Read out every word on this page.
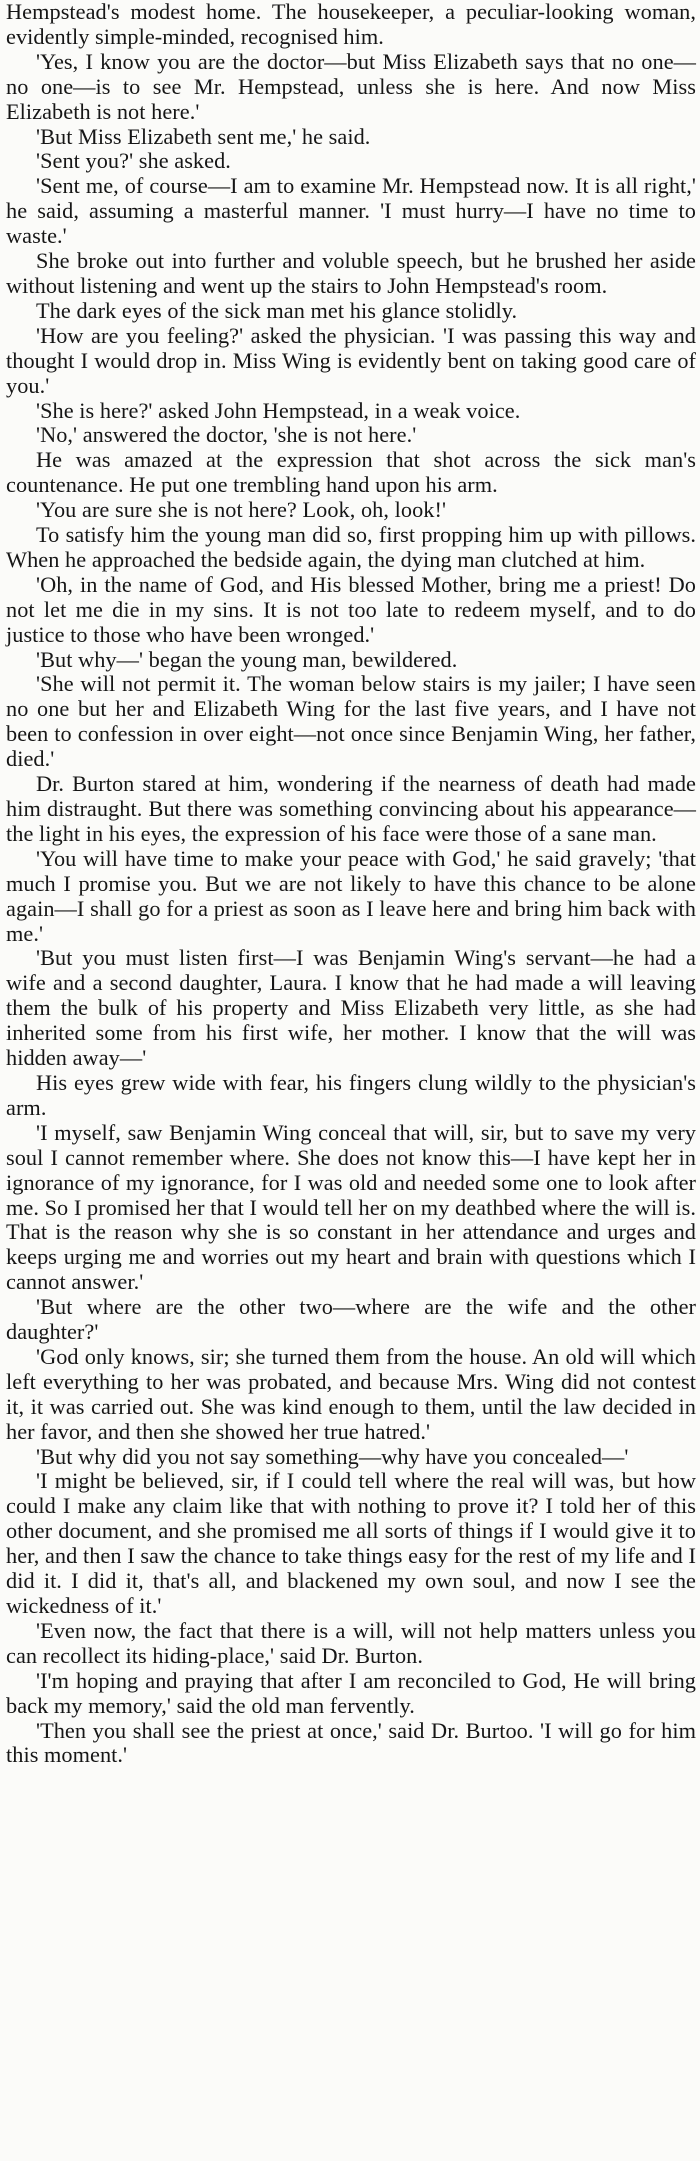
Hempstead's modest home. The housekeeper, a peculiar-looking woman, evidently simple-minded, recognised him.

'Yes, I know you are the doctor—but Miss Elizabeth says that no one—no one—is to see Mr. Hempstead, unless she is here. And now Miss Elizabeth is not here.'

'But Miss Elizabeth sent me,' he said.

'Sent you?' she asked.

'Sent me, of course—I am to examine Mr. Hempstead now. It is all right,' he said, assuming a masterful manner. 'I must hurry—I have no time to waste.'

She broke out into further and voluble speech, but he brushed her aside without listening and went up the stairs to John Hempstead's room.

The dark eyes of the sick man met his glance stolidly.

'How are you feeling?' asked the physician. 'I was passing this way and thought I would drop in. Miss Wing is evidently bent on taking good care of you.'

'She is here?' asked John Hempstead, in a weak voice.

'No,' answered the doctor, 'she is not here.'

He was amazed at the expression that shot across the sick man's countenance. He put one trembling hand upon his arm.

'You are sure she is not here? Look, oh, look!'

To satisfy him the young man did so, first propping him up with pillows. When he approached the bedside again, the dying man clutched at him.

'Oh, in the name of God, and His blessed Mother, bring me a priest! Do not let me die in my sins. It is not too late to redeem myself, and to do justice to those who have been wronged.'

'But why—' began the young man, bewildered.

'She will not permit it. The woman below stairs is my jailer; I have seen no one but her and Elizabeth Wing for the last five years, and I have not been to confession in over eight—not once since Benjamin Wing, her father, died.'

Dr. Burton stared at him, wondering if the nearness of death had made him distraught. But there was something convincing about his appearance—the light in his eyes, the expression of his face were those of a sane man.

'You will have time to make your peace with God,' he said gravely; 'that much I promise you. But we are not likely to have this chance to be alone again—I shall go for a priest as soon as I leave here and bring him back with me.'

'But you must listen first—I was Benjamin Wing's servant—he had a wife and a second daughter, Laura. I know that he had made a will leaving them the bulk of his property and Miss Elizabeth very little, as she had inherited some from his first wife, her mother. I know that the will was hidden away—'

His eyes grew wide with fear, his fingers clung wildly to the physician's arm.

'I myself, saw Benjamin Wing conceal that will, sir, but to save my very soul I cannot remember where. She does not know this—I have kept her in ignorance of my ignorance, for I was old and needed some one to look after me. So I promised her that I would tell her on my deathbed where the will is. That is the reason why she is so constant in her attendance and urges and keeps urging me and worries out my heart and brain with questions which I cannot answer.'

'But where are the other two—where are the wife and the other daughter?'

'God only knows, sir; she turned them from the house. An old will which left everything to her was probated, and because Mrs. Wing did not contest it, it was carried out. She was kind enough to them, until the law decided in her favor, and then she showed her true hatred.'

'But why did you not say something—why have you concealed—'

'I might be believed, sir, if I could tell where the real will was, but how could I make any claim like that with nothing to prove it? I told her of this other document, and she promised me all sorts of things if I would give it to her, and then I saw the chance to take things easy for the rest of my life and I did it. I did it, that's all, and blackened my own soul, and now I see the wickedness of it.'

'Even now, the fact that there is a will, will not help matters unless you can recollect its hiding-place,' said Dr. Burton.

'I'm hoping and praying that after I am reconciled to God, He will bring back my memory,' said the old man fervently.

'Then you shall see the priest at once,' said Dr. Burtoo. 'I will go for him this moment.'
